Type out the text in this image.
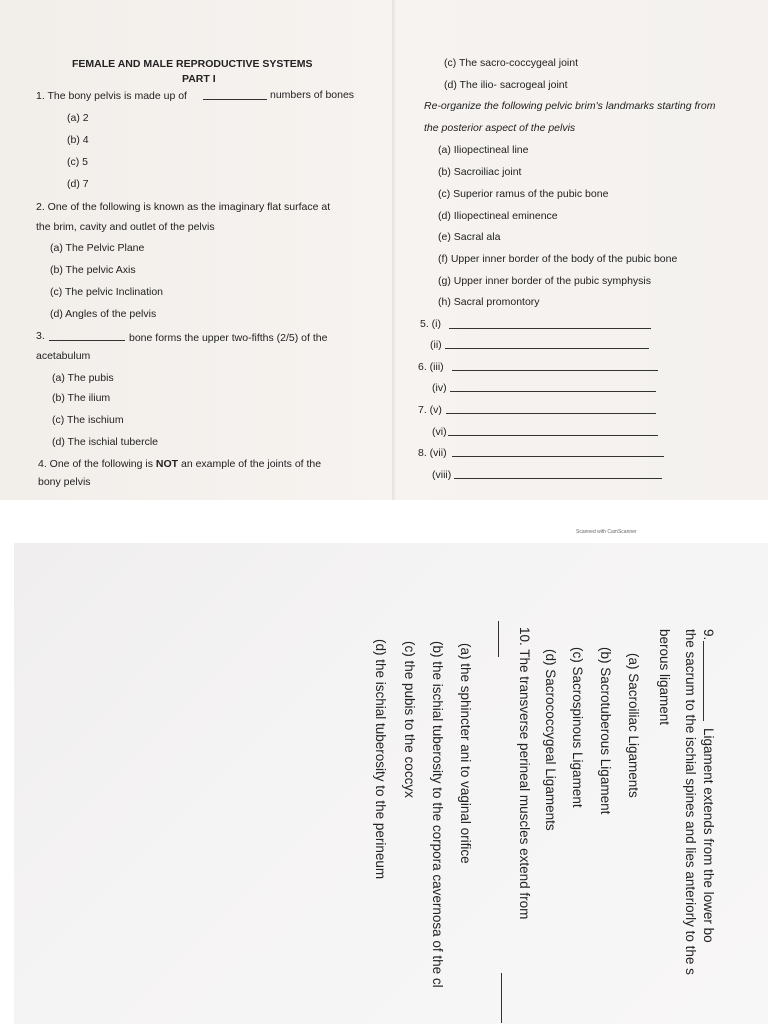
FEMALE AND MALE REPRODUCTIVE SYSTEMS
PART I
1. The bony pelvis is made up of	numbers of bones
(a) 2
(b) 4
(c) 5
(d) 7
2. One of the following is known as the imaginary flat surface at
the brim, cavity and outlet of the pelvis
(a) The Pelvic Plane
(b) The pelvic Axis
(c) The pelvic Inclination
(d) Angles of the pelvis
3.	bone forms the upper two-fifths (2/5) of the
acetabulum
(a) The pubis
(b) The ilium
(c) The ischium
(d) The ischial tubercle
4. One of the following is NOT an example of the joints of the
bony pelvis
(c) The sacro-coccygeal joint
(d) The ilio- sacrogeal joint
Re-organize the following pelvic brim's landmarks starting from
the posterior aspect of the pelvis
(a) Iliopectineal line
(b) Sacroiliac joint
(c) Superior ramus of the pubic bone
(d) Iliopectineal eminence
(e) Sacral ala
(f) Upper inner border of the body of the pubic bone
(g) Upper inner border of the pubic symphysis
(h) Sacral promontory
5. (i)
(ii)
6. (iii)
(iv)
7. (v)
(vi)
8. (vii)
(viii)
Scanned with CamScanner
9.
Ligament extends from the lower bo
the sacrum to the ischial spines and lies anteriorly to the s
berous ligament
(a) Sacroiliac Ligaments
(b) Sacrotuberous Ligament
(c) Sacrospinous Ligament
(d) Sacrococcygeal Ligaments
10. The transverse perineal muscles extend from
(a) the sphincter ani to vaginal orifice
(b) the ischial tuberosity to the corpora cavernosa of the cl
(c) the pubis to the coccyx
(d) the ischial tuberosity to the perineum
